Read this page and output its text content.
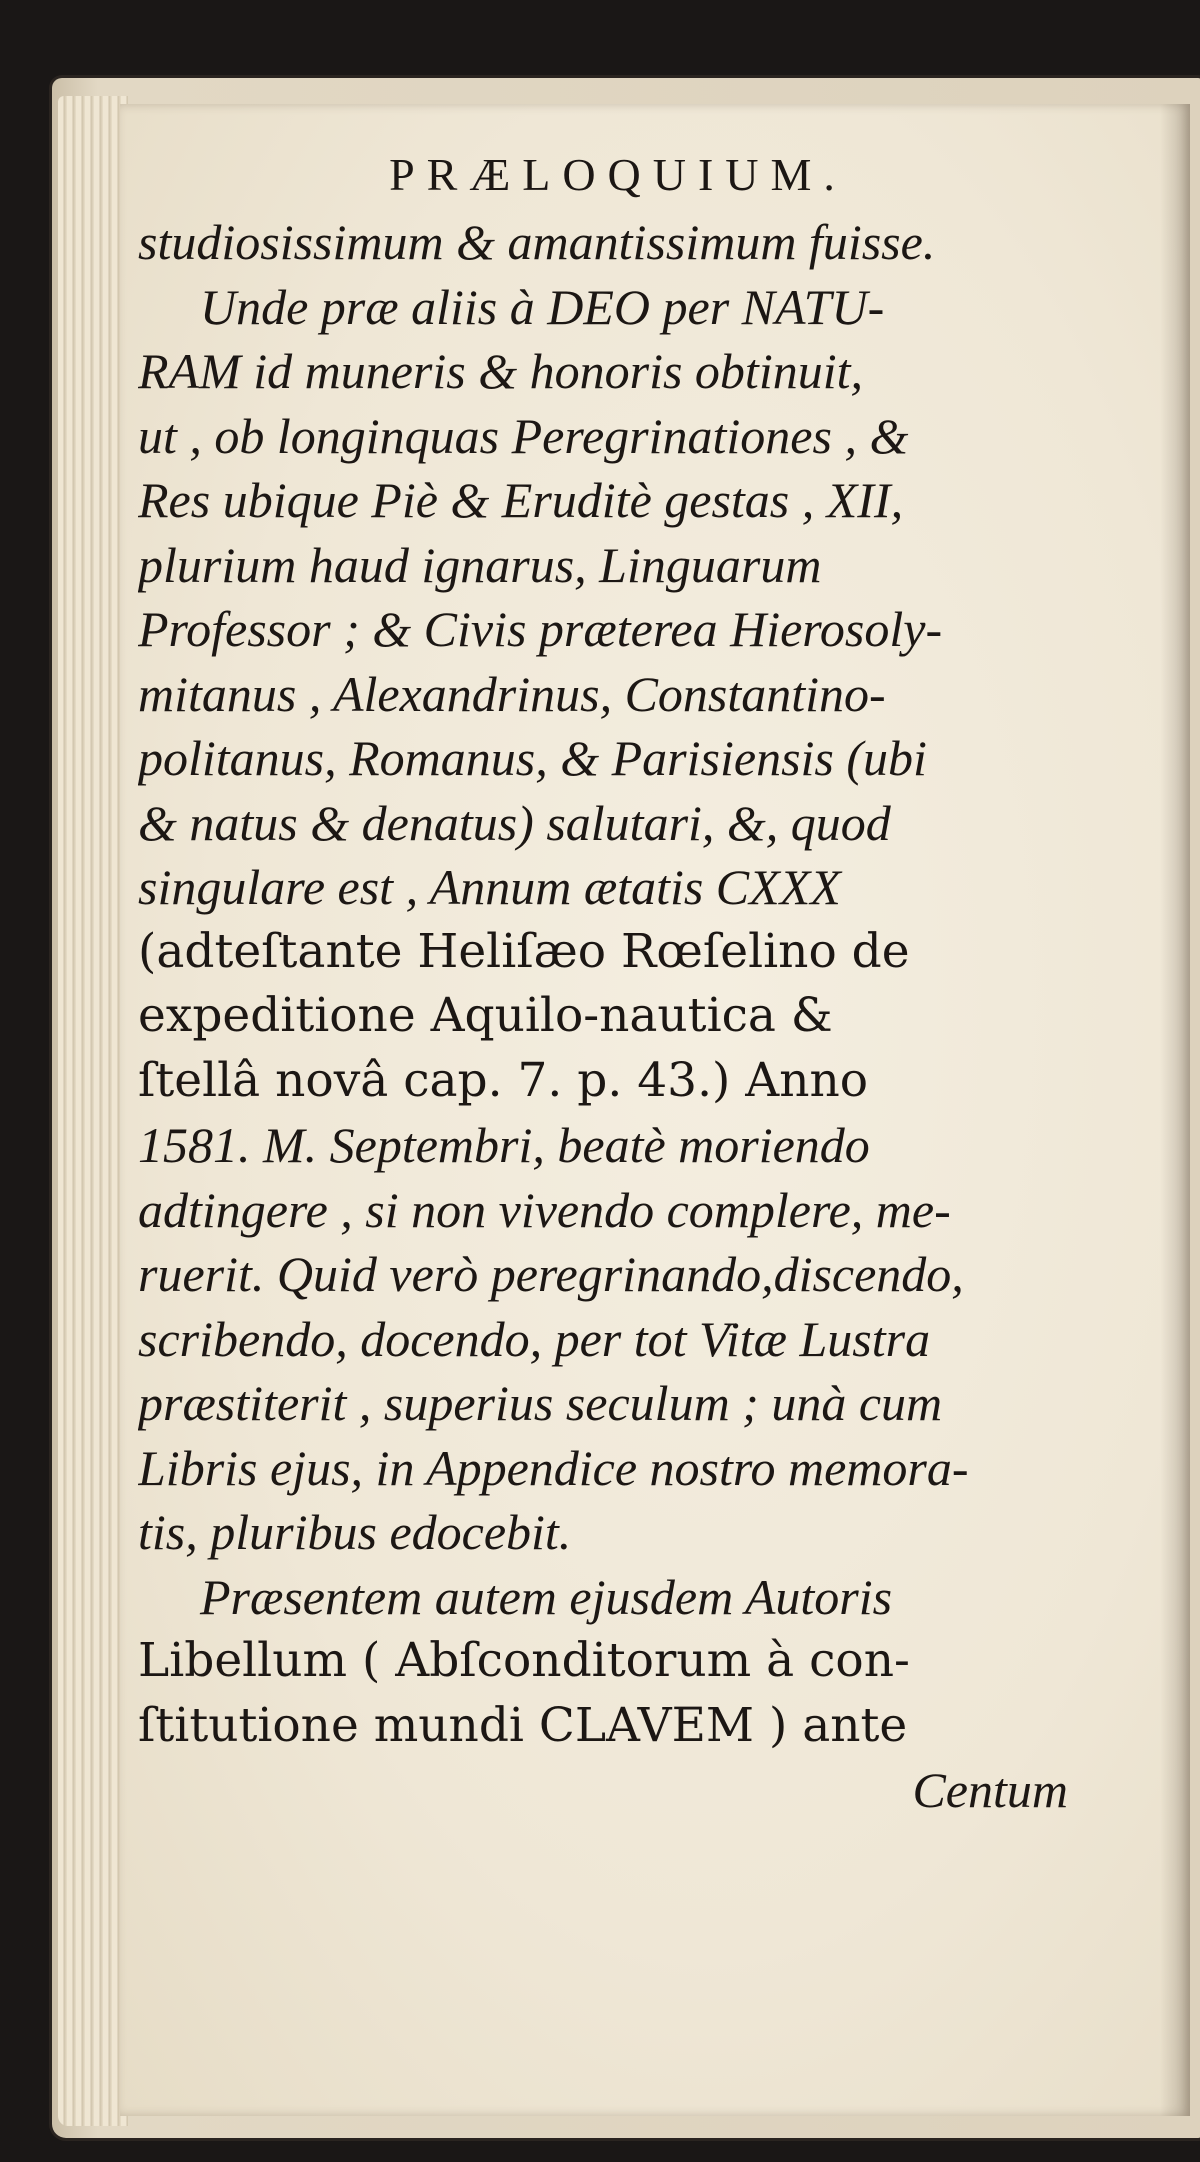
PRÆLOQUIUM.
studiosissimum & amantissimum fuisse.
Unde præ aliis à DEO per NATU-
RAM id muneris & honoris obtinuit,
ut , ob longinquas Peregrinationes , &
Res ubique Piè & Eruditè gestas , XII,
plurium haud ignarus, Linguarum
Professor ; & Civis præterea Hierosoly-
mitanus , Alexandrinus, Constantino-
politanus, Romanus, & Parisiensis (ubi
& natus & denatus) salutari, &, quod
singulare est , Annum ætatis CXXX
(adteſtante Heliſæo Rœſelino de
expeditione Aquilo-nautica &
ſtellâ novâ cap. 7. p. 43.) Anno
1581. M. Septembri, beatè moriendo
adtingere , si non vivendo complere, me-
ruerit. Quid verò peregrinando,discendo,
scribendo, docendo, per tot Vitæ Lustra
præstiterit , superius seculum ; unà cum
Libris ejus, in Appendice nostro memora-
tis, pluribus edocebit.
Præsentem autem ejusdem Autoris
Libellum ( Abſconditorum à con-
ſtitutione mundi CLAVEM ) ante
Centum
